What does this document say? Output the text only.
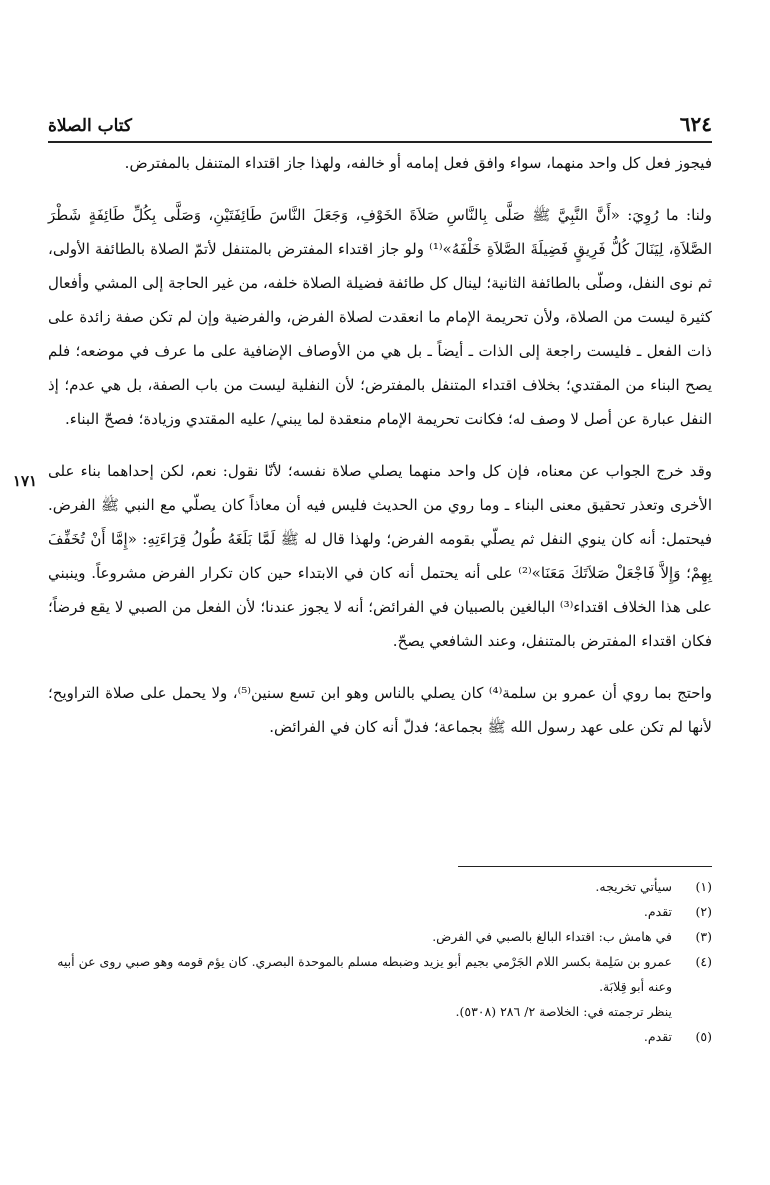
٦٢٤
كتاب الصلاة
١٧١

فيجوز فعل كل واحد منهما، سواء وافق فعل إمامه أو خالفه، ولهذا جاز اقتداء المتنفل بالمفترض.

ولنا: ما رُوِيَ: «أَنَّ النَّبِيَّ ﷺ صَلَّى بِالنَّاسِ صَلاَةَ الخَوْفِ، وَجَعَلَ النَّاسَ طَائِفَتَيْنِ، وَصَلَّى بِكُلِّ طَائِفَةٍ شَطْرَ الصَّلاَةِ، لِيَنَالَ كُلُّ فَرِيقٍ فَضِيلَةَ الصَّلاَةِ خَلْفَهُ»⁽¹⁾ ولو جاز اقتداء المفترض بالمتنفل لأتمّ الصلاة بالطائفة الأولى، ثم نوى النفل، وصلّى بالطائفة الثانية؛ لينال كل طائفة فضيلة الصلاة خلفه، من غير الحاجة إلى المشي وأفعال كثيرة ليست من الصلاة، ولأن تحريمة الإمام ما انعقدت لصلاة الفرض، والفرضية وإن لم تكن صفة زائدة على ذات الفعل ـ فليست راجعة إلى الذات ـ أيضاً ـ بل هي من الأوصاف الإضافية على ما عرف في موضعه؛ فلم يصح البناء من المقتدي؛ بخلاف اقتداء المتنفل بالمفترض؛ لأن النفلية ليست من باب الصفة، بل هي عدم؛ إذ النفل عبارة عن أصل لا وصف له؛ فكانت تحريمة الإمام منعقدة لما يبني/ عليه المقتدي وزيادة؛ فصحّ البناء.

وقد خرج الجواب عن معناه، فإن كل واحد منهما يصلي صلاة نفسه؛ لأنّا نقول: نعم، لكن إحداهما بناء على الأخرى وتعذر تحقيق معنى البناء ـ وما روي من الحديث فليس فيه أن معاذاً كان يصلّي مع النبي ﷺ الفرض. فيحتمل: أنه كان ينوي النفل ثم يصلّي بقومه الفرض؛ ولهذا قال له ﷺ لَمَّا بَلَغَهُ طُولُ قِرَاءَتِهِ: «إِمَّا أَنْ تُخَفِّفَ بِهِمْ؛ وَإِلاَّ فَاجْعَلْ صَلاَتَكَ مَعَنَا»⁽²⁾ على أنه يحتمل أنه كان في الابتداء حين كان تكرار الفرض مشروعاً. وينبني على هذا الخلاف اقتداء⁽³⁾ البالغين بالصبيان في الفرائض؛ أنه لا يجوز عندنا؛ لأن الفعل من الصبي لا يقع فرضاً؛ فكان اقتداء المفترض بالمتنفل، وعند الشافعي يصحّ.

واحتج بما روي أن عمرو بن سلمة⁽⁴⁾ كان يصلي بالناس وهو ابن تسع سنين⁽⁵⁾، ولا يحمل على صلاة التراويح؛ لأنها لم تكن على عهد رسول الله ﷺ بجماعة؛ فدلّ أنه كان في الفرائض.

(١)
سيأتي تخريجه.
(٢)
تقدم.
(٣)
في هامش ب: اقتداء البالغ بالصبي في الفرض.
(٤)
عمرو بن سَلِمة بكسر اللام الجَرْمي بجيم أبو يزيد وضبطه مسلم بالموحدة البصري. كان يؤم قومه وهو صبي روى عن أبيه وعنه أبو قِلابَة.
ينظر ترجمته في: الخلاصة ٢/ ٢٨٦ (٥٣٠٨).
(٥)
تقدم.
